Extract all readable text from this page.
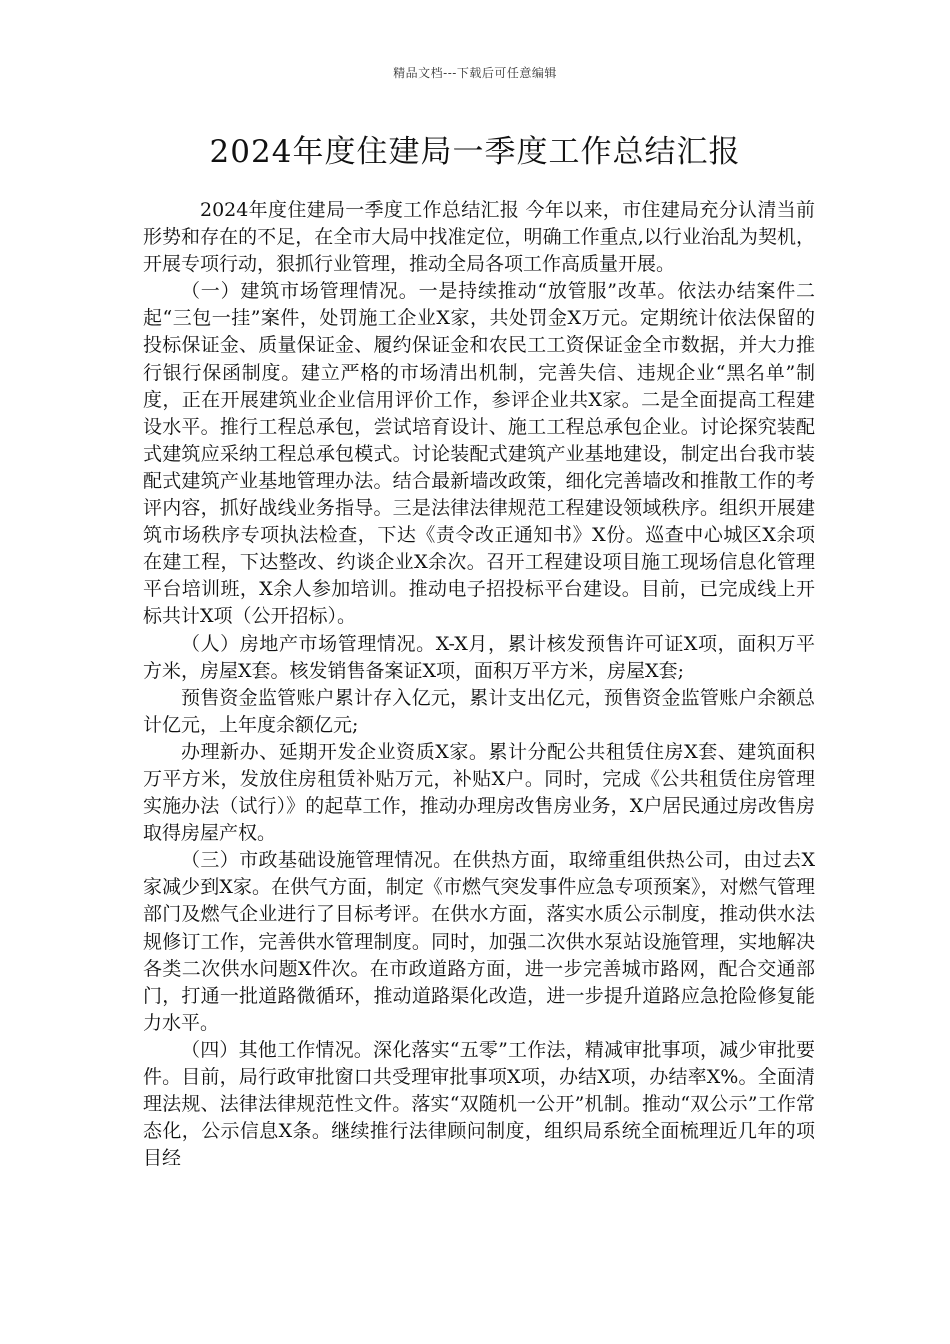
精品文档---下载后可任意编辑
2024年度住建局一季度工作总结汇报

2024年度住建局一季度工作总结汇报 今年以来，市住建局充分认清当前形势和存在的不足，在全市大局中找准定位，明确工作重点,以行业治乱为契机，开展专项行动，狠抓行业管理，推动全局各项工作高质量开展。

（一）建筑市场管理情况。一是持续推动“放管服”改革。依法办结案件二起“三包一挂”案件，处罚施工企业X家，共处罚金X万元。定期统计依法保留的投标保证金、质量保证金、履约保证金和农民工工资保证金全市数据，并大力推行银行保函制度。建立严格的市场清出机制，完善失信、违规企业“黑名单”制度，正在开展建筑业企业信用评价工作，参评企业共X家。二是全面提高工程建设水平。推行工程总承包，尝试培育设计、施工工程总承包企业。讨论探究装配式建筑应采纳工程总承包模式。讨论装配式建筑产业基地建设，制定出台我市装配式建筑产业基地管理办法。结合最新墙改政策，细化完善墙改和推散工作的考评内容，抓好战线业务指导。三是法律法律规范工程建设领域秩序。组织开展建筑市场秩序专项执法检查，下达《责令改正通知书》X份。巡查中心城区X余项在建工程，下达整改、约谈企业X余次。召开工程建设项目施工现场信息化管理平台培训班，X余人参加培训。推动电子招投标平台建设。目前，已完成线上开标共计X项（公开招标）。

（人）房地产市场管理情况。X-X月，累计核发预售许可证X项，面积万平方米，房屋X套。核发销售备案证X项，面积万平方米，房屋X套;

预售资金监管账户累计存入亿元，累计支出亿元，预售资金监管账户余额总计亿元，上年度余额亿元;

办理新办、延期开发企业资质X家。累计分配公共租赁住房X套、建筑面积万平方米，发放住房租赁补贴万元，补贴X户。同时，完成《公共租赁住房管理实施办法（试行）》的起草工作，推动办理房改售房业务，X户居民通过房改售房取得房屋产权。

（三）市政基础设施管理情况。在供热方面，取缔重组供热公司，由过去X家减少到X家。在供气方面，制定《市燃气突发事件应急专项预案》，对燃气管理部门及燃气企业进行了目标考评。在供水方面，落实水质公示制度，推动供水法规修订工作，完善供水管理制度。同时，加强二次供水泵站设施管理，实地解决各类二次供水问题X件次。在市政道路方面，进一步完善城市路网，配合交通部门，打通一批道路微循环，推动道路渠化改造，进一步提升道路应急抢险修复能力水平。

（四）其他工作情况。深化落实“五零”工作法，精减审批事项，减少审批要件。目前，局行政审批窗口共受理审批事项X项，办结X项，办结率X%。全面清理法规、法律法律规范性文件。落实“双随机一公开”机制。推动“双公示”工作常态化，公示信息X条。继续推行法律顾问制度，组织局系统全面梳理近几年的项目经
